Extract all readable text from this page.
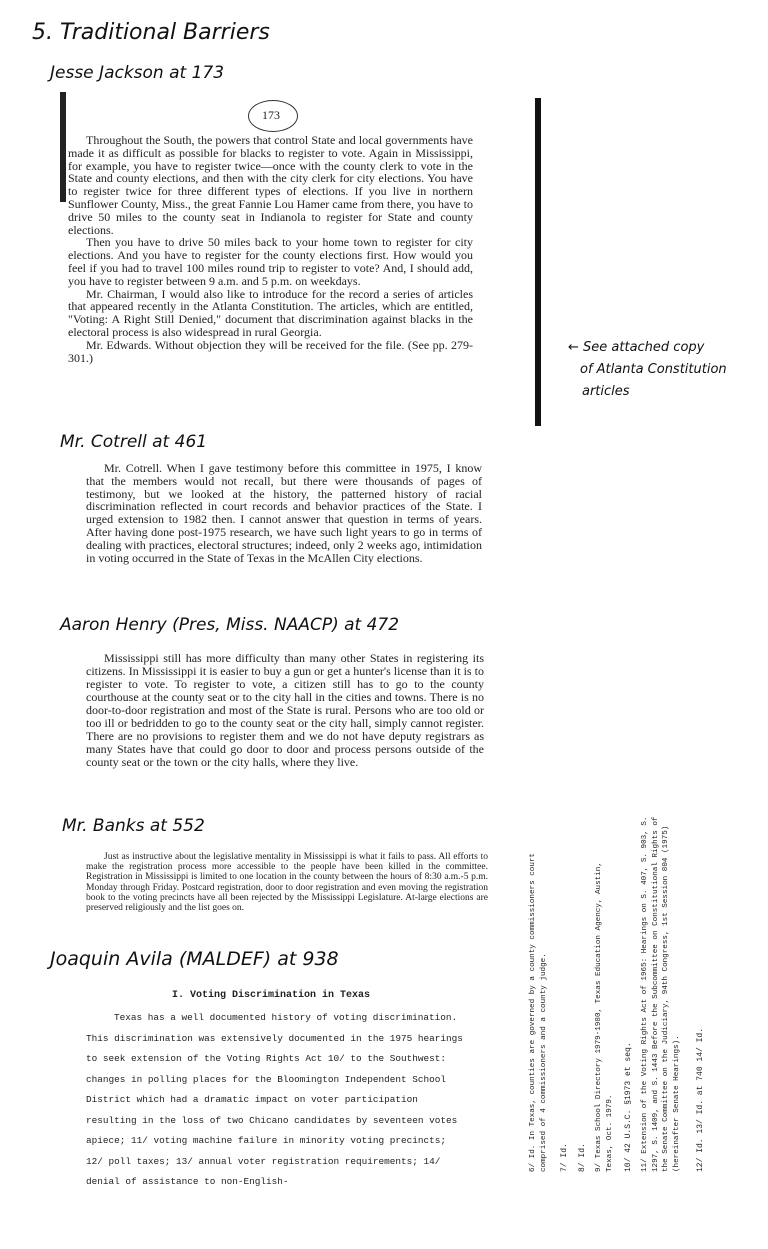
5. Traditional Barriers
Jesse Jackson at 173
173

Throughout the South, the powers that control State and local governments have made it as difficult as possible for blacks to register to vote. Again in Mississippi, for example, you have to register twice—once with the county clerk to vote in the State and county elections, and then with the city clerk for city elections. You have to register twice for three different types of elections. If you live in northern Sunflower County, Miss., the great Fannie Lou Hamer came from there, you have to drive 50 miles to the county seat in Indianola to register for State and county elections.

Then you have to drive 50 miles back to your home town to register for city elections. And you have to register for the county elections first. How would you feel if you had to travel 100 miles round trip to register to vote? And, I should add, you have to register between 9 a.m. and 5 p.m. on weekdays.

Mr. Chairman, I would also like to introduce for the record a series of articles that appeared recently in the Atlanta Constitution. The articles, which are entitled, "Voting: A Right Still Denied," document that discrimination against blacks in the electoral process is also widespread in rural Georgia.

Mr. Edwards. Without objection they will be received for the file. (See pp. 279-301.)

← See attached copy
of Atlanta Constitution
articles
Mr. Cotrell at 461

Mr. Cotrell. When I gave testimony before this committee in 1975, I know that the members would not recall, but there were thousands of pages of testimony, but we looked at the history, the patterned history of racial discrimination reflected in court records and behavior practices of the State. I urged extension to 1982 then. I cannot answer that question in terms of years. After having done post-1975 research, we have such light years to go in terms of dealing with practices, electoral structures; indeed, only 2 weeks ago, intimidation in voting occurred in the State of Texas in the McAllen City elections.

Aaron Henry (Pres, Miss. NAACP) at 472

Mississippi still has more difficulty than many other States in registering its citizens. In Mississippi it is easier to buy a gun or get a hunter's license than it is to register to vote. To register to vote, a citizen still has to go to the county courthouse at the county seat or to the city hall in the cities and towns. There is no door-to-door registration and most of the State is rural. Persons who are too old or too ill or bedridden to go to the county seat or the city hall, simply cannot register. There are no provisions to register them and we do not have deputy registrars as many States have that could go door to door and process persons outside of the county seat or the town or the city halls, where they live.

Mr. Banks at 552

Just as instructive about the legislative mentality in Mississippi is what it fails to pass. All efforts to make the registration process more accessible to the people have been killed in the committee. Registration in Mississippi is limited to one location in the county between the hours of 8:30 a.m.-5 p.m. Monday through Friday. Postcard registration, door to door registration and even moving the registration book to the voting precincts have all been rejected by the Mississippi Legislature. At-large elections are preserved religiously and the list goes on.

Joaquin Avila (MALDEF) at 938
I. Voting Discrimination in Texas

Texas has a well documented history of voting discrimination. This discrimination was extensively documented in the 1975 hearings to seek extension of the Voting Rights Act 10/ to the Southwest: changes in polling places for the Bloomington Independent School District which had a dramatic impact on voter participation resulting in the loss of two Chicano candidates by seventeen votes apiece; 11/ voting machine failure in minority voting precincts; 12/ poll taxes; 13/ annual voter registration requirements; 14/ denial of assistance to non-English-

6/ Id. In Texas, counties are governed by a county commissioners court comprised of 4 commissioners and a county judge. 7/ Id. 8/ Id. 9/ Texas School Directory 1979-1980, Texas Education Agency, Austin, Texas, Oct. 1979. 10/ 42 U.S.C. §1973 et seq. 11/ Extension of the Voting Rights Act of 1965: Hearings on S. 407, S. 903, S. 1297, S. 1409, and S. 1443 Before the Subcommittee on Constitutional Rights of the Senate Committee on the Judiciary, 94th Congress, 1st Session 804 (1975) (hereinafter Senate Hearings). 12/ Id. 13/ Id. at 740 14/ Id.
